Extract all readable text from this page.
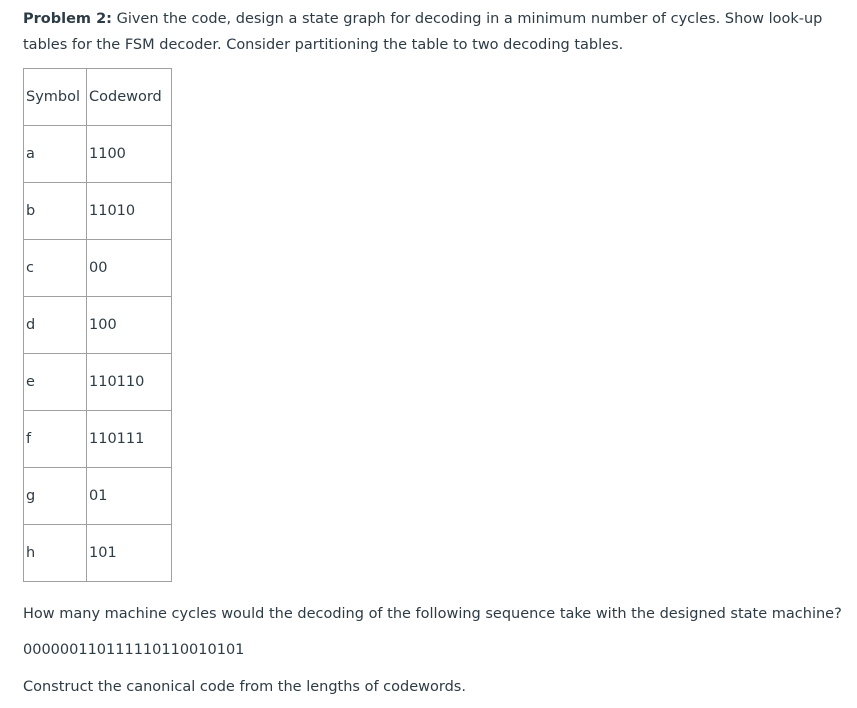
Problem 2: Given the code, design a state graph for decoding in a minimum number of cycles. Show look-up tables for the FSM decoder. Consider partitioning the table to two decoding tables.
Symbol	Codeword
a	1100
b	11010
c	00
d	100
e	110110
f	110111
g	01
h	101
How many machine cycles would the decoding of the following sequence take with the designed state machine?
000000110111110110010101
Construct the canonical code from the lengths of codewords.
